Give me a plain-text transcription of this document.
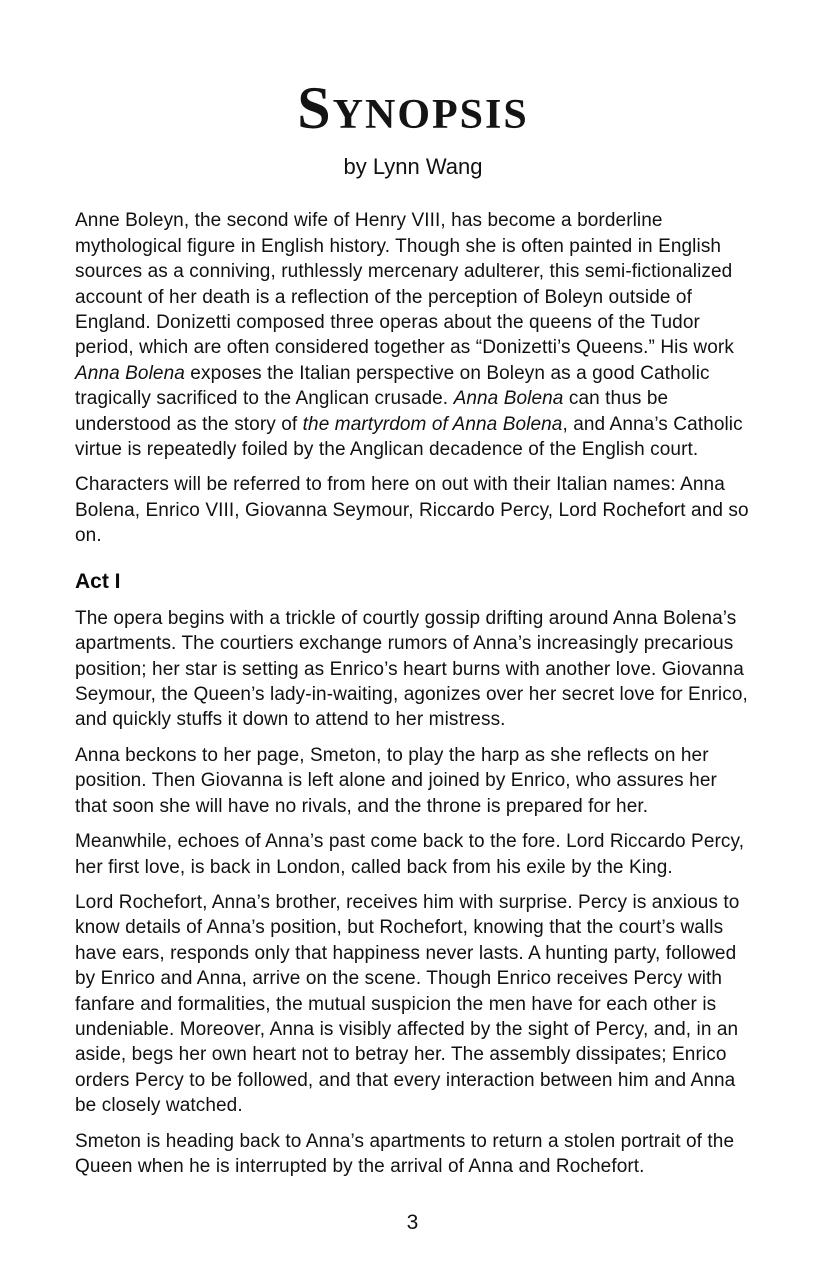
Synopsis
by Lynn Wang

Anne Boleyn, the second wife of Henry VIII, has become a borderline mythological figure in English history. Though she is often painted in English sources as a conniving, ruthlessly mercenary adulterer, this semi-fictionalized account of her death is a reflection of the perception of Boleyn outside of England. Donizetti composed three operas about the queens of the Tudor period, which are often considered together as “Donizetti’s Queens.” His work Anna Bolena exposes the Italian perspective on Boleyn as a good Catholic tragically sacrificed to the Anglican crusade. Anna Bolena can thus be understood as the story of the martyrdom of Anna Bolena, and Anna’s Catholic virtue is repeatedly foiled by the Anglican decadence of the English court.

Characters will be referred to from here on out with their Italian names: Anna Bolena, Enrico VIII, Giovanna Seymour, Riccardo Percy, Lord Rochefort and so on.

Act I

The opera begins with a trickle of courtly gossip drifting around Anna Bolena’s apartments. The courtiers exchange rumors of Anna’s increasingly precarious position; her star is setting as Enrico’s heart burns with another love. Giovanna Seymour, the Queen’s lady-in-waiting, agonizes over her secret love for Enrico, and quickly stuffs it down to attend to her mistress.

Anna beckons to her page, Smeton, to play the harp as she reflects on her position. Then Giovanna is left alone and joined by Enrico, who assures her that soon she will have no rivals, and the throne is prepared for her.

Meanwhile, echoes of Anna’s past come back to the fore. Lord Riccardo Percy, her first love, is back in London, called back from his exile by the King.

Lord Rochefort, Anna’s brother, receives him with surprise. Percy is anxious to know details of Anna’s position, but Rochefort, knowing that the court’s walls have ears, responds only that happiness never lasts. A hunting party, followed by Enrico and Anna, arrive on the scene. Though Enrico receives Percy with fanfare and formalities, the mutual suspicion the men have for each other is undeniable. Moreover, Anna is visibly affected by the sight of Percy, and, in an aside, begs her own heart not to betray her. The assembly dissipates; Enrico orders Percy to be followed, and that every interaction between him and Anna be closely watched.

Smeton is heading back to Anna’s apartments to return a stolen portrait of the Queen when he is interrupted by the arrival of Anna and Rochefort.

3
